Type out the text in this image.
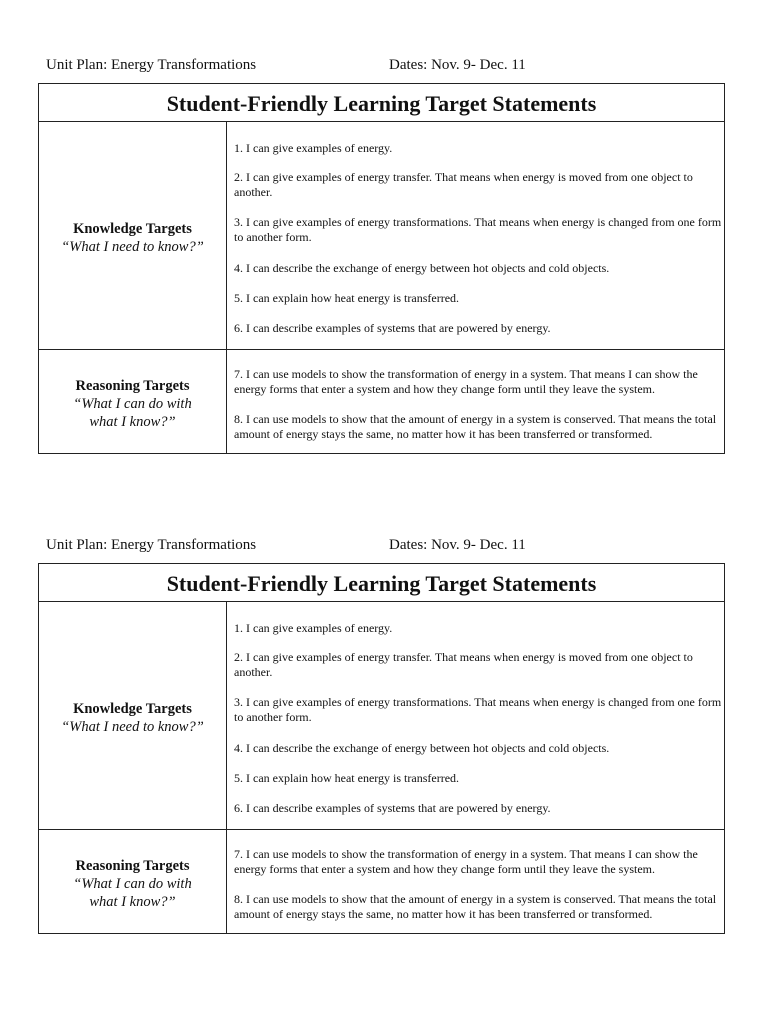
Unit Plan: Energy Transformations	Dates: Nov. 9- Dec. 11
Student-Friendly Learning Target Statements
Knowledge Targets
“What I need to know?”
1. I can give examples of energy.
2. I can give examples of energy transfer. That means when energy is moved from one object to another.
3. I can give examples of energy transformations. That means when energy is changed from one form to another form.
4. I can describe the exchange of energy between hot objects and cold objects.
5. I can explain how heat energy is transferred.
6. I can describe examples of systems that are powered by energy.
Reasoning Targets
“What I can do with what I know?”
7. I can use models to show the transformation of energy in a system. That means I can show the energy forms that enter a system and how they change form until they leave the system.
8. I can use models to show that the amount of energy in a system is conserved. That means the total amount of energy stays the same, no matter how it has been transferred or transformed.
Unit Plan: Energy Transformations	Dates: Nov. 9- Dec. 11
Student-Friendly Learning Target Statements
Knowledge Targets
“What I need to know?”
1. I can give examples of energy.
2. I can give examples of energy transfer. That means when energy is moved from one object to another.
3. I can give examples of energy transformations. That means when energy is changed from one form to another form.
4. I can describe the exchange of energy between hot objects and cold objects.
5. I can explain how heat energy is transferred.
6. I can describe examples of systems that are powered by energy.
Reasoning Targets
“What I can do with what I know?”
7. I can use models to show the transformation of energy in a system. That means I can show the energy forms that enter a system and how they change form until they leave the system.
8. I can use models to show that the amount of energy in a system is conserved. That means the total amount of energy stays the same, no matter how it has been transferred or transformed.
